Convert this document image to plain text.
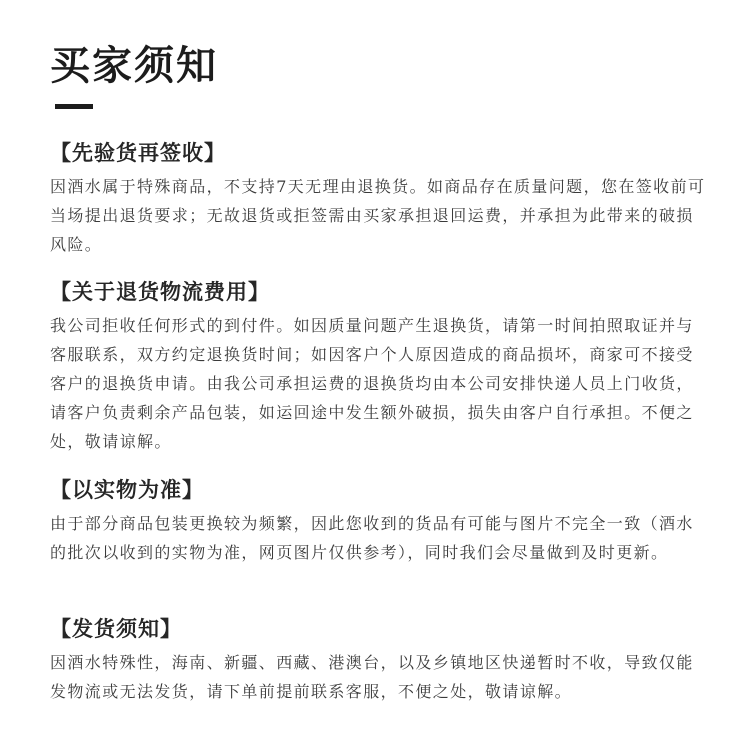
买家须知
【先验货再签收】

因酒水属于特殊商品，不支持7天无理由退换货。如商品存在质量问题，您在签收前可当场提出退货要求；无故退货或拒签需由买家承担退回运费，并承担为此带来的破损风险。

【关于退货物流费用】

我公司拒收任何形式的到付件。如因质量问题产生退换货，请第一时间拍照取证并与客服联系，双方约定退换货时间；如因客户个人原因造成的商品损坏，商家可不接受客户的退换货申请。由我公司承担运费的退换货均由本公司安排快递人员上门收货，请客户负责剩余产品包装，如运回途中发生额外破损，损失由客户自行承担。不便之处，敬请谅解。

【以实物为准】

由于部分商品包装更换较为频繁，因此您收到的货品有可能与图片不完全一致（酒水的批次以收到的实物为准，网页图片仅供参考），同时我们会尽量做到及时更新。

【发货须知】

因酒水特殊性，海南、新疆、西藏、港澳台，以及乡镇地区快递暂时不收，导致仅能发物流或无法发货，请下单前提前联系客服，不便之处，敬请谅解。
